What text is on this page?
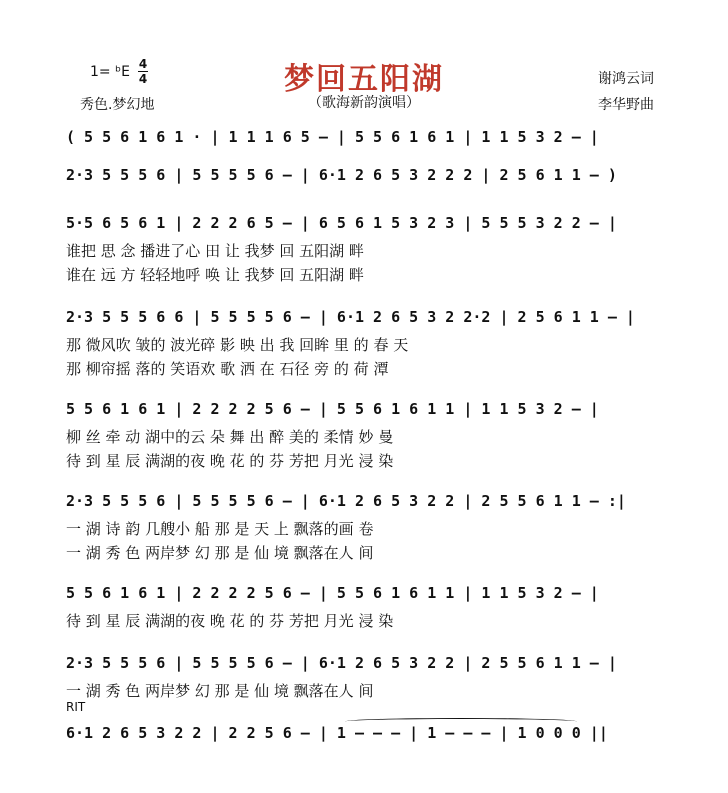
梦回五阳湖
（歌海新韵演唱）
1= ᵇE 4
4
秀色.梦幻地
谢鸿云词
李华野曲
( 5 5 6 1 6 1 · | 1 1 1 6 5 – | 5 5 6 1 6 1 | 1 1 5 3 2 – |
2·3 5 5 5 6 | 5 5 5 5 6 – | 6·1 2 6 5 3 2 2 2 | 2 5 6 1 1 – )
5·5 6 5 6 1 | 2 2 2 6 5 – | 6 5 6 1 5 3 2 3 | 5 5 5 3 2 2 – |
谁把 思 念 播进了心 田 让 我梦 回 五阳湖 畔
谁在 远 方 轻轻地呼 唤 让 我梦 回 五阳湖 畔
2·3 5 5 5 6 6 | 5 5 5 5 6 – | 6·1 2 6 5 3 2 2·2 | 2 5 6 1 1 – |
那 微风吹 皱的 波光碎 影 映 出 我 回眸 里 的 春 天
那 柳帘摇 落的 笑语欢 歌 洒 在 石径 旁 的 荷 潭
5 5 6 1 6 1 | 2 2 2 2 5 6 – | 5 5 6 1 6 1 1 | 1 1 5 3 2 – |
柳 丝 牵 动 湖中的云 朵 舞 出 醉 美的 柔情 妙 曼
待 到 星 辰 满湖的夜 晚 花 的 芬 芳把 月光 浸 染
2·3 5 5 5 6 | 5 5 5 5 6 – | 6·1 2 6 5 3 2 2 | 2 5 5 6 1 1 – :|
一 湖 诗 韵 几艘小 船 那 是 天 上 飘落的画 卷
一 湖 秀 色 两岸梦 幻 那 是 仙 境 飘落在人 间
5 5 6 1 6 1 | 2 2 2 2 5 6 – | 5 5 6 1 6 1 1 | 1 1 5 3 2 – |
待 到 星 辰 满湖的夜 晚 花 的 芬 芳把 月光 浸 染
2·3 5 5 5 6 | 5 5 5 5 6 – | 6·1 2 6 5 3 2 2 | 2 5 5 6 1 1 – |
一 湖 秀 色 两岸梦 幻 那 是 仙 境 飘落在人 间
RIT
6·1 2 6 5 3 2 2 | 2 2 5 6 – | 1 – – – | 1 – – – | 1 0 0 0 ||
